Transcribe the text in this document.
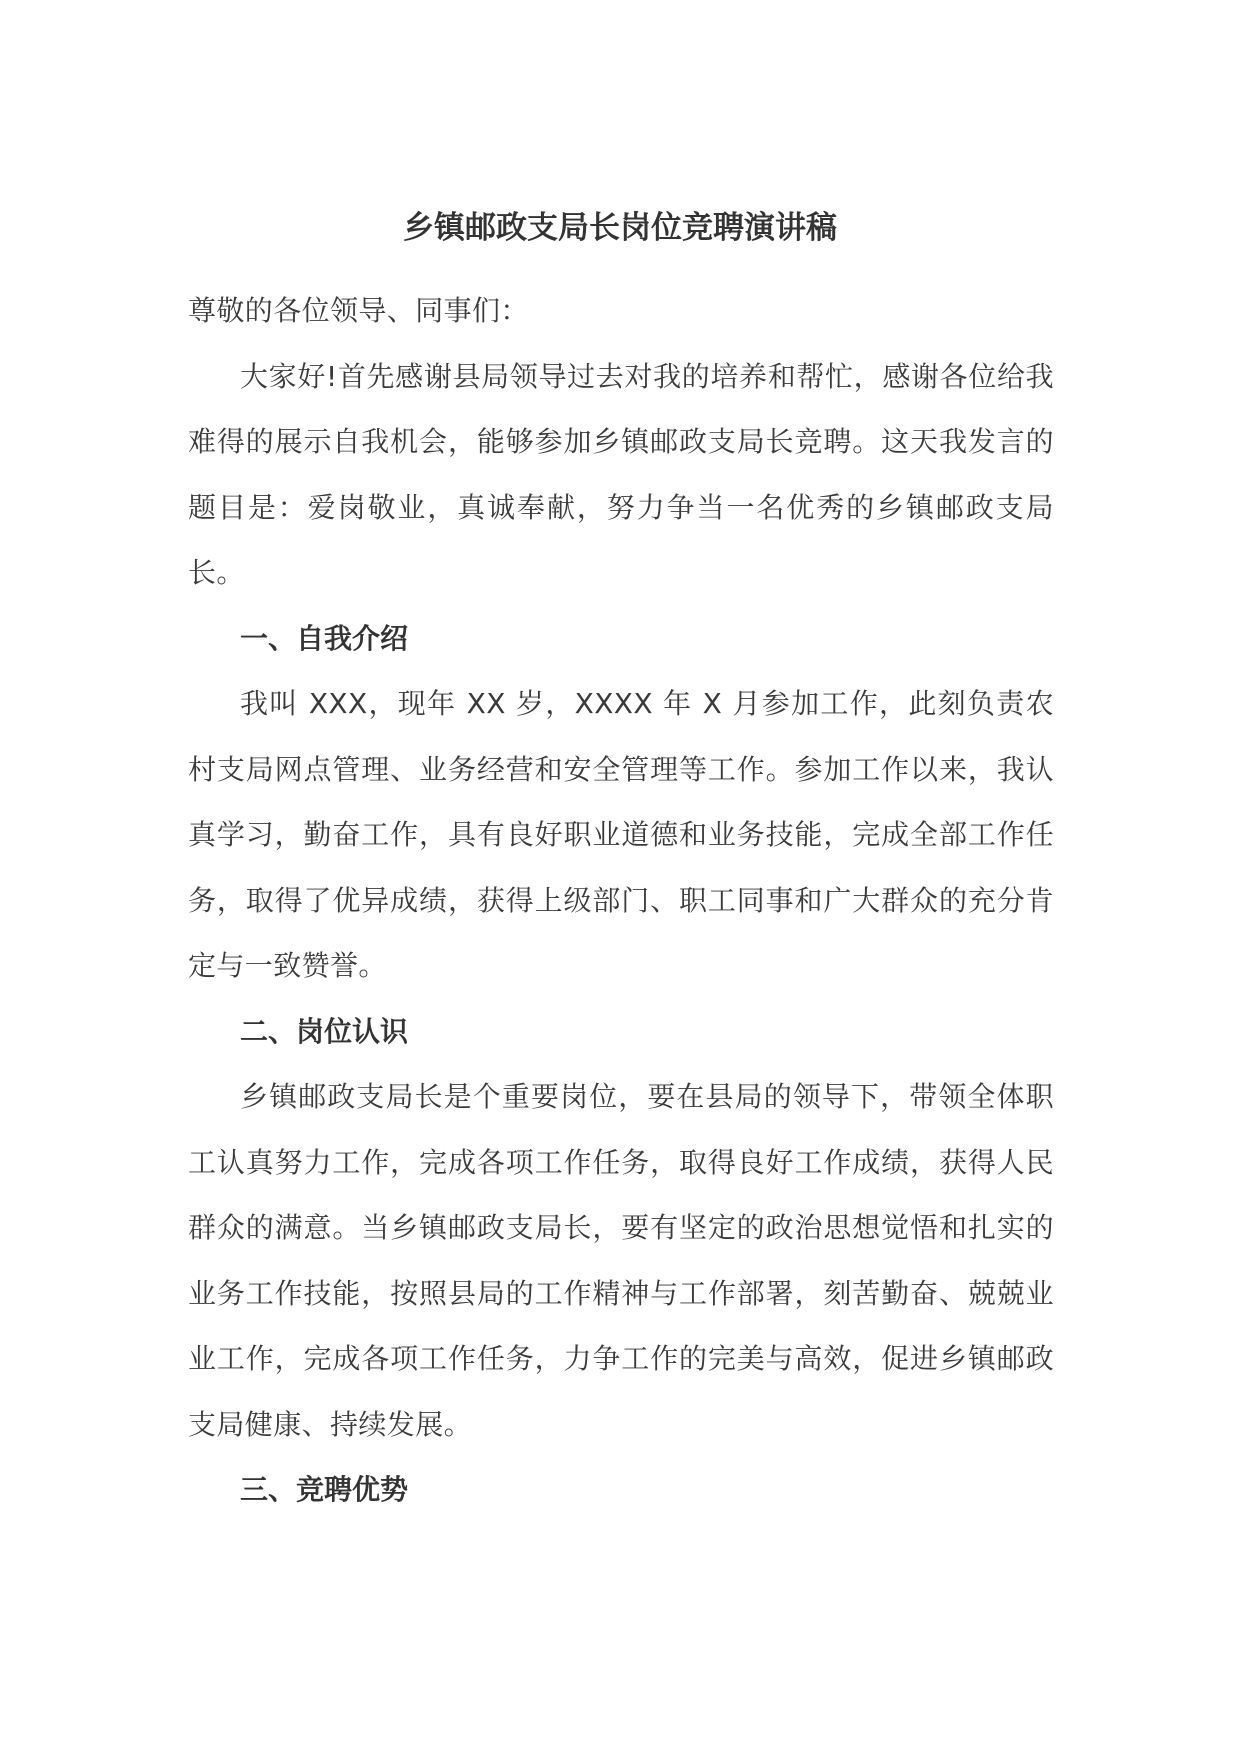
乡镇邮政支局长岗位竞聘演讲稿

尊敬的各位领导、同事们：

大家好!首先感谢县局领导过去对我的培养和帮忙，感谢各位给我难得的展示自我机会，能够参加乡镇邮政支局长竞聘。这天我发言的题目是：爱岗敬业，真诚奉献，努力争当一名优秀的乡镇邮政支局长。

一、自我介绍

我叫 XXX，现年 XX 岁，XXXX 年 X 月参加工作，此刻负责农村支局网点管理、业务经营和安全管理等工作。参加工作以来，我认真学习，勤奋工作，具有良好职业道德和业务技能，完成全部工作任务，取得了优异成绩，获得上级部门、职工同事和广大群众的充分肯定与一致赞誉。

二、岗位认识

乡镇邮政支局长是个重要岗位，要在县局的领导下，带领全体职工认真努力工作，完成各项工作任务，取得良好工作成绩，获得人民群众的满意。当乡镇邮政支局长，要有坚定的政治思想觉悟和扎实的业务工作技能，按照县局的工作精神与工作部署，刻苦勤奋、兢兢业业工作，完成各项工作任务，力争工作的完美与高效，促进乡镇邮政支局健康、持续发展。

三、竞聘优势
